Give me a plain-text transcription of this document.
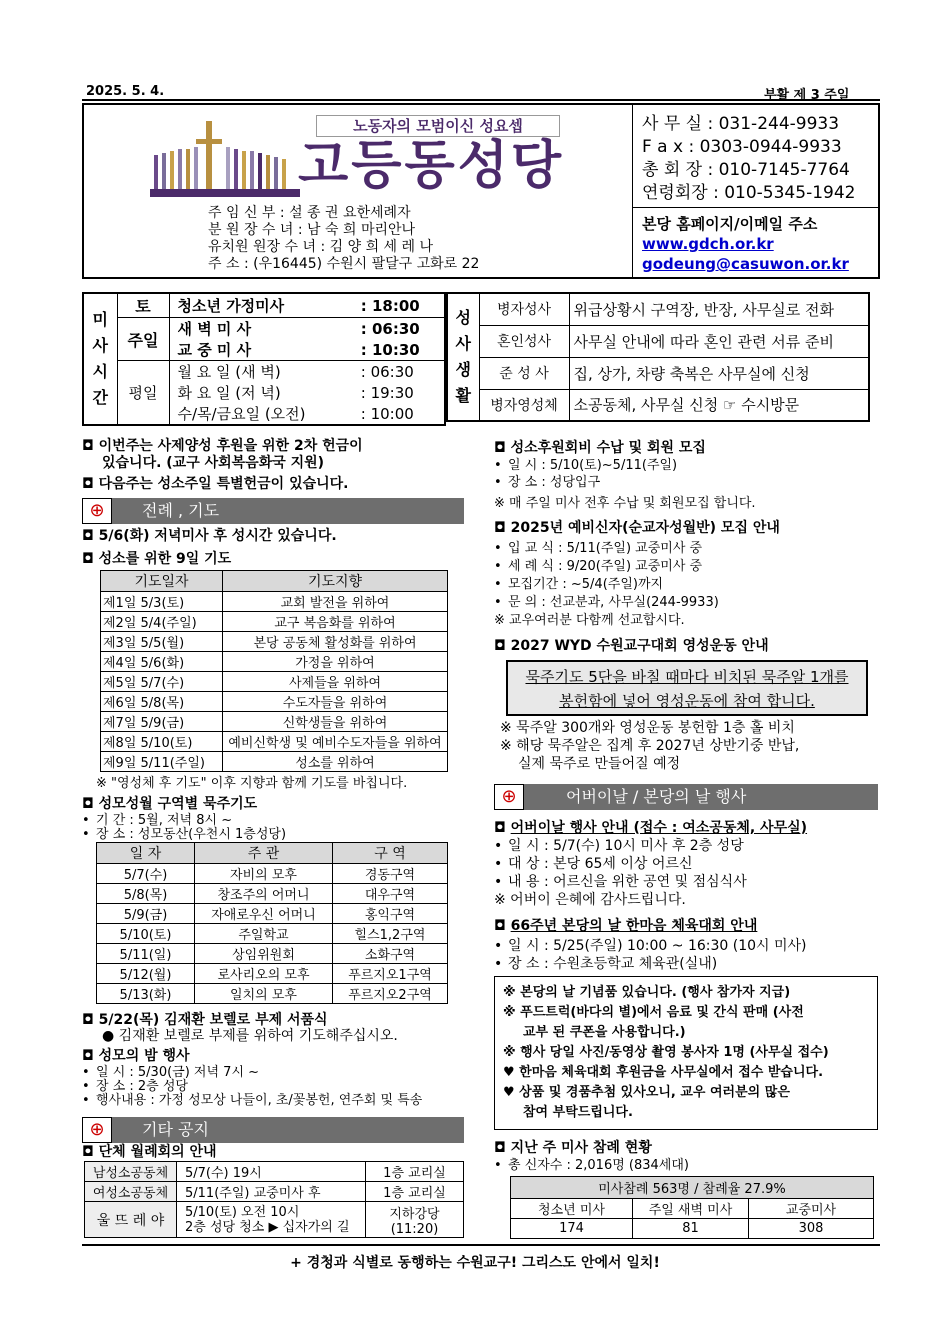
2025. 5. 4.	부활 제 3 주일
노동자의 모범이신 성요셉
고등동성당
주 임 신 부 : 설 종 권 요한세례자
분 원 장 수 녀 : 남 숙 희 마리안나
유치원 원장 수 녀 : 김 양 희 세 레 나
주 소 : (우16445) 수원시 팔달구 고화로 22
사 무 실 : 031-244-9933
F a x : 0303-0944-9933
총 회 장 : 010-7145-7764
연령회장 : 010-5345-1942
본당 홈페이지/이메일 주소
www.gdch.or.kr
godeung@casuwon.or.kr
미
사
시
간	토	청소년 가정미사	: 18:00
	주일	새 벽 미 사	: 06:30
		교 중 미 사	: 10:30
	평일	월 요 일 (새 벽)	: 06:30
		화 요 일 (저 녁)	: 19:30
		수/목/금요일 (오전)	: 10:00
성
사
생
활	병자성사	위급상황시 구역장, 반장, 사무실로 전화
	혼인성사	사무실 안내에 따라 혼인 관련 서류 준비
	준 성 사	집, 상가, 차량 축복은 사무실에 신청
	병자영성체	소공동체, 사무실 신청 ☞ 수시방문
◘ 이번주는 사제양성 후원을 위한 2차 헌금이
있습니다. (교구 사회복음화국 지원)
◘ 다음주는 성소주일 특별헌금이 있습니다.
⊕	전례 , 기도
◘ 5/6(화) 저녁미사 후 성시간 있습니다.
◘ 성소를 위한 9일 기도
기도일자	기도지향
제1일 5/3(토)	교회 발전을 위하여
제2일 5/4(주일)	교구 복음화를 위하여
제3일 5/5(월)	본당 공동체 활성화를 위하여
제4일 5/6(화)	가정을 위하여
제5일 5/7(수)	사제들을 위하여
제6일 5/8(목)	수도자들을 위하여
제7일 5/9(금)	신학생들을 위하여
제8일 5/10(토)	예비신학생 및 예비수도자들을 위하여
제9일 5/11(주일)	성소를 위하여
※ "영성체 후 기도" 이후 지향과 함께 기도를 바칩니다.
◘ 성모성월 구역별 묵주기도
• 기 간 : 5월, 저녁 8시 ~
• 장 소 : 성모동산(우천시 1층성당)
일 자	주 관	구 역
5/7(수)	자비의 모후	경동구역
5/8(목)	창조주의 어머니	대우구역
5/9(금)	자애로우신 어머니	홍익구역
5/10(토)	주일학교	힐스1,2구역
5/11(일)	상임위원회	소화구역
5/12(월)	로사리오의 모후	푸르지오1구역
5/13(화)	일치의 모후	푸르지오2구역
◘ 5/22(목) 김재환 보렐로 부제 서품식
● 김재환 보렐로 부제를 위하여 기도해주십시오.
◘ 성모의 밤 행사
• 일 시 : 5/30(금) 저녁 7시 ~
• 장 소 : 2층 성당
• 행사내용 : 가정 성모상 나들이, 초/꽃봉헌, 연주회 및 특송
⊕	기타 공지
◘ 단체 월례회의 안내
남성소공동체	5/7(수) 19시	1층 교리실
여성소공동체	5/11(주일) 교중미사 후	1층 교리실
울 뜨 레 야	5/10(토) 오전 10시
2층 성당 청소 ▶ 십자가의 길	지하강당(11:20)
◘ 성소후원회비 수납 및 회원 모집
• 일 시 : 5/10(토)~5/11(주일)
• 장 소 : 성당입구
※ 매 주일 미사 전후 수납 및 회원모집 합니다.
◘ 2025년 예비신자(순교자성월반) 모집 안내
• 입 교 식 : 5/11(주일) 교중미사 중
• 세 례 식 : 9/20(주일) 교중미사 중
• 모집기간 : ~5/4(주일)까지
• 문 의 : 선교분과, 사무실(244-9933)
※ 교우여러분 다함께 선교합시다.
◘ 2027 WYD 수원교구대회 영성운동 안내
묵주기도 5단을 바칠 때마다 비치된 묵주알 1개를
봉헌함에 넣어 영성운동에 참여 합니다.
※ 묵주알 300개와 영성운동 봉헌함 1층 홀 비치
※ 해당 묵주알은 집계 후 2027년 상반기중 반납,
실제 묵주로 만들어질 예정
⊕	어버이날 / 본당의 날 행사
◘ 어버이날 행사 안내 (접수 : 여소공동체, 사무실)
• 일 시 : 5/7(수) 10시 미사 후 2층 성당
• 대 상 : 본당 65세 이상 어르신
• 내 용 : 어르신을 위한 공연 및 점심식사
※ 어버이 은혜에 감사드립니다.
◘ 66주년 본당의 날 한마음 체육대회 안내
• 일 시 : 5/25(주일) 10:00 ~ 16:30 (10시 미사)
• 장 소 : 수원초등학교 체육관(실내)
※ 본당의 날 기념품 있습니다. (행사 참가자 지급)
※ 푸드트럭(바다의 별)에서 음료 및 간식 판매 (사전
교부 된 쿠폰을 사용합니다.)
※ 행사 당일 사진/동영상 촬영 봉사자 1명 (사무실 접수)
♥ 한마음 체육대회 후원금을 사무실에서 접수 받습니다.
♥ 상품 및 경품추첨 있사오니, 교우 여러분의 많은
참여 부탁드립니다.
◘ 지난 주 미사 참례 현황
• 총 신자수 : 2,016명 (834세대)
미사참례 563명 / 참례율 27.9%		
청소년 미사	주일 새벽 미사	교중미사
174	81	308
+ 경청과 식별로 동행하는 수원교구! 그리스도 안에서 일치!
